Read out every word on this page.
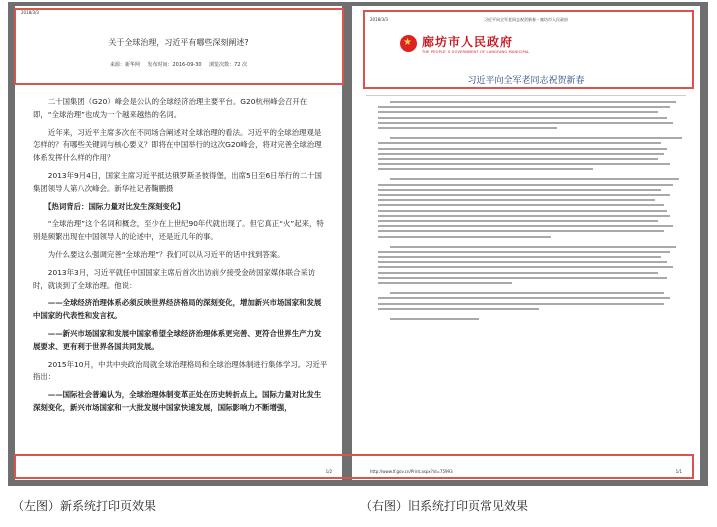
2018/3/3
关于全球治理，习近平有哪些深刻阐述?
来源：新华网 发布时间：2016-09-30 浏览次数：72 次

二十国集团（G20）峰会是公认的全球经济治理主要平台。G20杭州峰会召开在即，“全球治理”也成为一个越来越热的名词。

近年来，习近平主席多次在不同场合阐述对全球治理的看法。习近平的全球治理观是怎样的？有哪些关键词与核心要义？即将在中国举行的这次G20峰会，将对完善全球治理体系发挥什么样的作用？

2013年9月4日，国家主席习近平抵达俄罗斯圣彼得堡，出席5日至6日举行的二十国集团领导人第八次峰会。新华社记者鞠鹏摄

【热词背后：国际力量对比发生深刻变化】

“全球治理”这个名词和概念，至少在上世纪90年代就出现了。但它真正“火”起来，特别是频繁出现在中国领导人的论述中，还是近几年的事。

为什么要这么强调完善“全球治理”？我们可以从习近平的话中找到答案。

2013年3月，习近平就任中国国家主席后首次出访前夕接受金砖国家媒体联合采访时，就谈到了全球治理。他说：

——全球经济治理体系必须反映世界经济格局的深刻变化，增加新兴市场国家和发展中国家的代表性和发言权。

——新兴市场国家和发展中国家希望全球经济治理体系更完善、更符合世界生产力发展要求、更有利于世界各国共同发展。

2015年10月，中共中央政治局就全球治理格局和全球治理体制进行集体学习。习近平指出：

——国际社会普遍认为，全球治理体制变革正处在历史转折点上。国际力量对比发生深刻变化，新兴市场国家和一大批发展中国家快速发展，国际影响力不断增强，

1/2
2018/3/3	习近平向全军老同志祝贺新春 - 廊坊市人民政府
★
廊坊市人民政府
THE PEOPLE' S GOVERNMENT OF LANGFANG MUNICIPAL
习近平向全军老同志祝贺新春
http://www.lf.gov.cn/Print.aspx?id=75993	1/1
（左图）新系统打印页效果	（右图）旧系统打印页常见效果
